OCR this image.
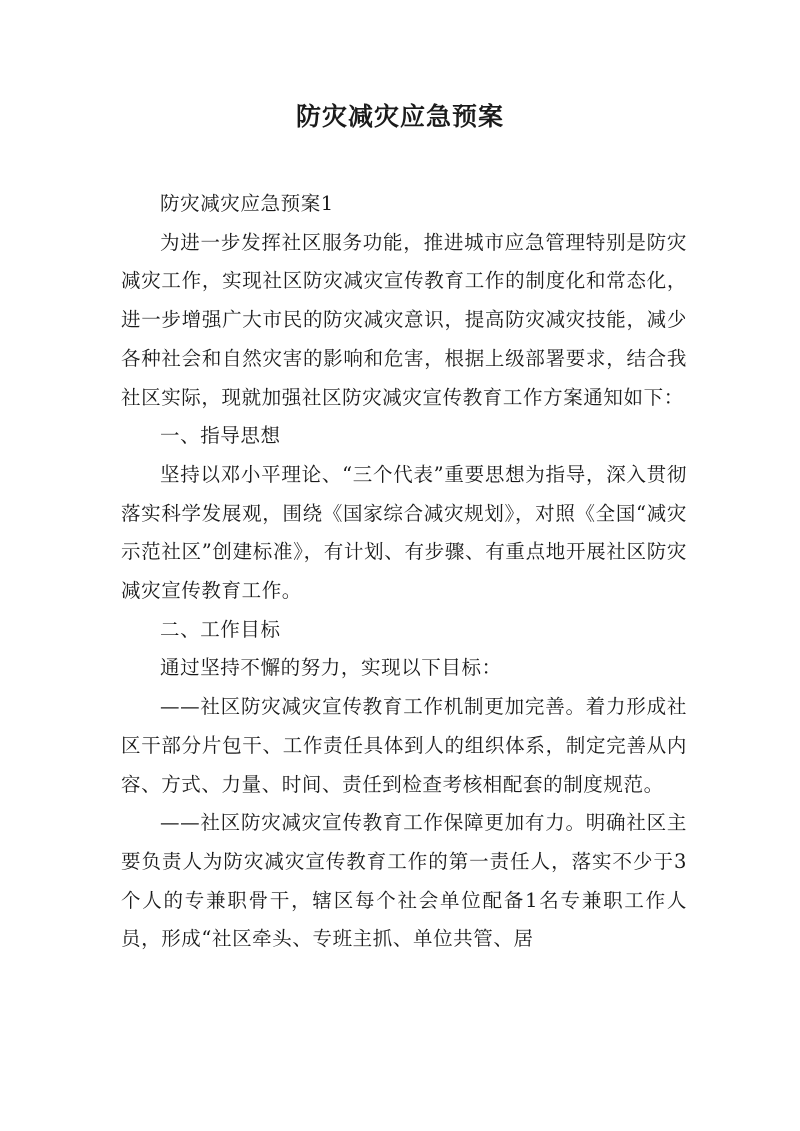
防灾减灾应急预案

防灾减灾应急预案1

为进一步发挥社区服务功能，推进城市应急管理特别是防灾减灾工作，实现社区防灾减灾宣传教育工作的制度化和常态化，进一步增强广大市民的防灾减灾意识，提高防灾减灾技能，减少各种社会和自然灾害的影响和危害，根据上级部署要求，结合我社区实际，现就加强社区防灾减灾宣传教育工作方案通知如下：

一、指导思想

坚持以邓小平理论、“三个代表”重要思想为指导，深入贯彻落实科学发展观，围绕《国家综合减灾规划》，对照《全国“减灾示范社区”创建标准》，有计划、有步骤、有重点地开展社区防灾减灾宣传教育工作。

二、工作目标

通过坚持不懈的努力，实现以下目标：

——社区防灾减灾宣传教育工作机制更加完善。着力形成社区干部分片包干、工作责任具体到人的组织体系，制定完善从内容、方式、力量、时间、责任到检查考核相配套的制度规范。

——社区防灾减灾宣传教育工作保障更加有力。明确社区主要负责人为防灾减灾宣传教育工作的第一责任人，落实不少于3个人的专兼职骨干，辖区每个社会单位配备1名专兼职工作人员，形成“社区牵头、专班主抓、单位共管、居
